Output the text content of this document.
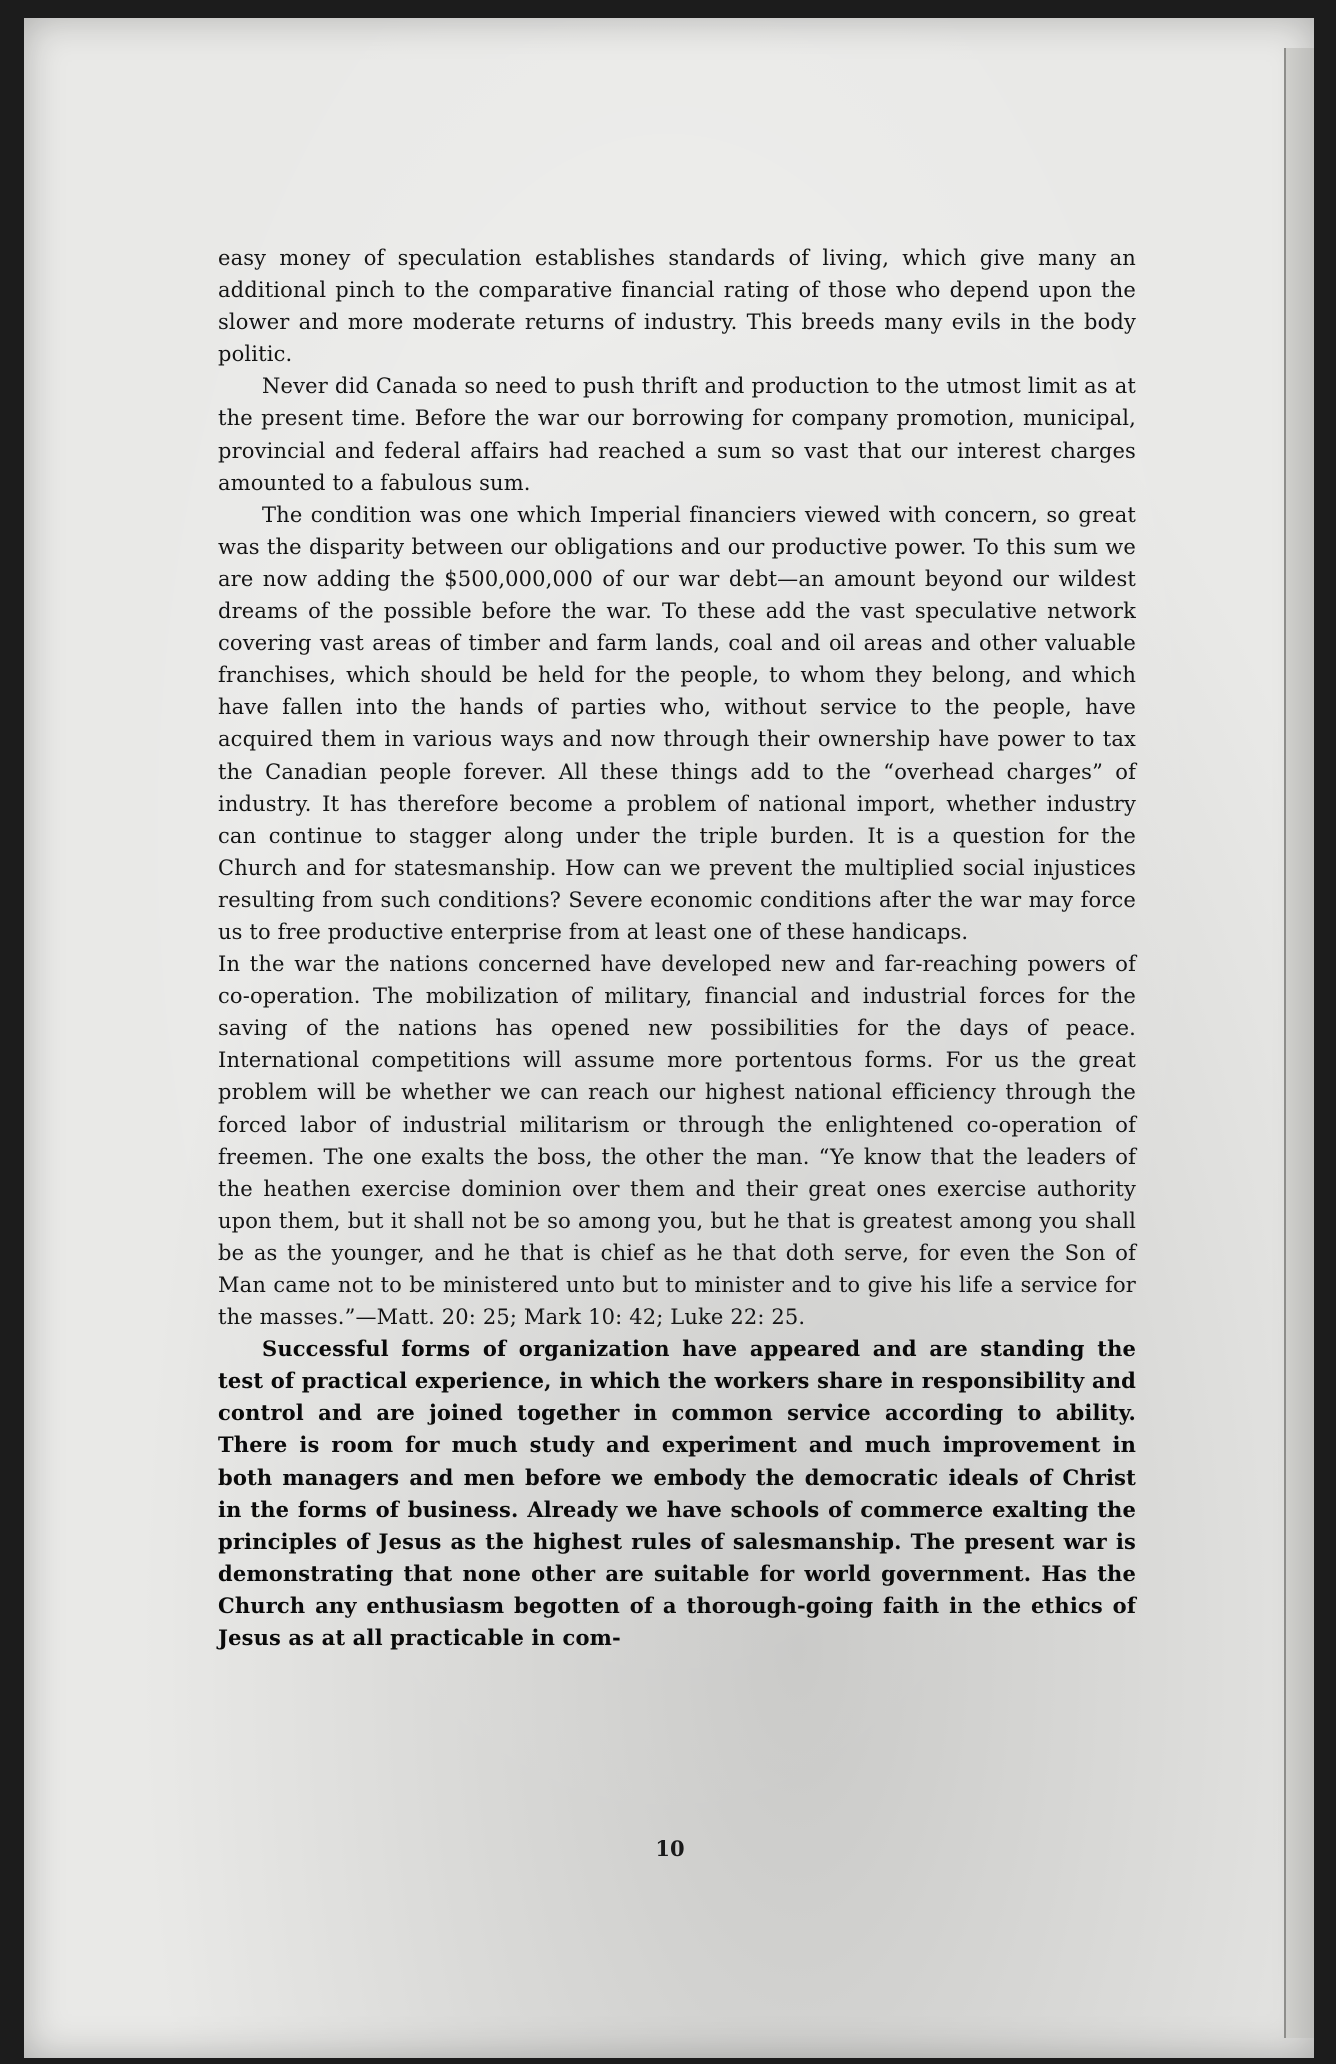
easy money of speculation establishes standards of living, which give many an additional pinch to the comparative financial rating of those who depend upon the slower and more moderate returns of industry. This breeds many evils in the body politic.

Never did Canada so need to push thrift and production to the utmost limit as at the present time. Before the war our borrowing for company promotion, municipal, provincial and federal affairs had reached a sum so vast that our interest charges amounted to a fabulous sum.

The condition was one which Imperial financiers viewed with concern, so great was the disparity between our obligations and our productive power. To this sum we are now adding the $500,000,000 of our war debt—an amount beyond our wildest dreams of the possible before the war. To these add the vast speculative network covering vast areas of timber and farm lands, coal and oil areas and other valuable franchises, which should be held for the people, to whom they belong, and which have fallen into the hands of parties who, without service to the people, have acquired them in various ways and now through their ownership have power to tax the Canadian people forever. All these things add to the “overhead charges” of industry. It has therefore become a problem of national import, whether industry can continue to stagger along under the triple burden. It is a question for the Church and for statesmanship. How can we prevent the multiplied social injustices resulting from such conditions? Severe economic conditions after the war may force us to free productive enterprise from at least one of these handicaps.

In the war the nations concerned have developed new and far-reaching powers of co-operation. The mobilization of military, financial and industrial forces for the saving of the nations has opened new possibilities for the days of peace. International competitions will assume more portentous forms. For us the great problem will be whether we can reach our highest national efficiency through the forced labor of industrial militarism or through the enlightened co-operation of freemen. The one exalts the boss, the other the man. “Ye know that the leaders of the heathen exercise dominion over them and their great ones exercise authority upon them, but it shall not be so among you, but he that is greatest among you shall be as the younger, and he that is chief as he that doth serve, for even the Son of Man came not to be ministered unto but to minister and to give his life a service for the masses.”—Matt. 20: 25; Mark 10: 42; Luke 22: 25.

Successful forms of organization have appeared and are standing the test of practical experience, in which the workers share in responsibility and control and are joined together in common service according to ability. There is room for much study and experiment and much improvement in both managers and men before we embody the democratic ideals of Christ in the forms of business. Already we have schools of commerce exalting the principles of Jesus as the highest rules of salesmanship. The present war is demonstrating that none other are suitable for world government. Has the Church any enthusiasm begotten of a thorough-going faith in the ethics of Jesus as at all practicable in com-

10
